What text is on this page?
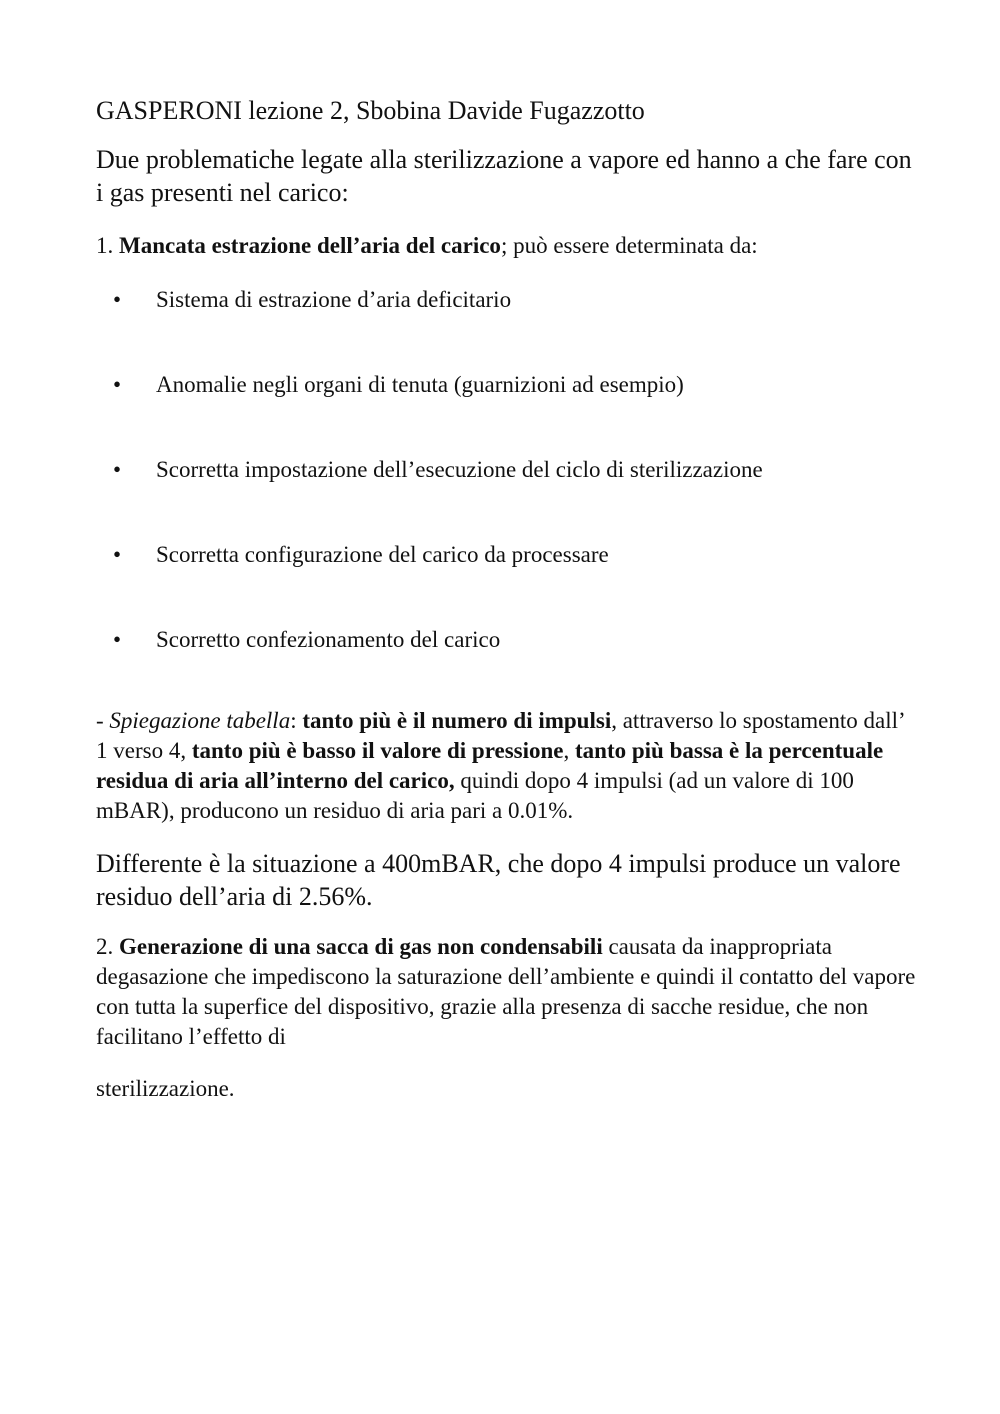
GASPERONI lezione 2, Sbobina Davide Fugazzotto
Due problematiche legate alla sterilizzazione a vapore ed hanno a che fare con i gas presenti nel carico:
1. Mancata estrazione dell’aria del carico; può essere determinata da:
• Sistema di estrazione d’aria deficitario
• Anomalie negli organi di tenuta (guarnizioni ad esempio)
• Scorretta impostazione dell’esecuzione del ciclo di sterilizzazione
• Scorretta configurazione del carico da processare
• Scorretto confezionamento del carico
- Spiegazione tabella: tanto più è il numero di impulsi, attraverso lo spostamento dall’ 1 verso 4, tanto più è basso il valore di pressione, tanto più bassa è la percentuale residua di aria all’interno del carico, quindi dopo 4 impulsi (ad un valore di 100 mBAR), producono un residuo di aria pari a 0.01%.
Differente è la situazione a 400mBAR, che dopo 4 impulsi produce un valore residuo dell’aria di 2.56%.
2. Generazione di una sacca di gas non condensabili causata da inappropriata degasazione che impediscono la saturazione dell’ambiente e quindi il contatto del vapore con tutta la superfice del dispositivo, grazie alla presenza di sacche residue, che non facilitano l’effetto di
sterilizzazione.
